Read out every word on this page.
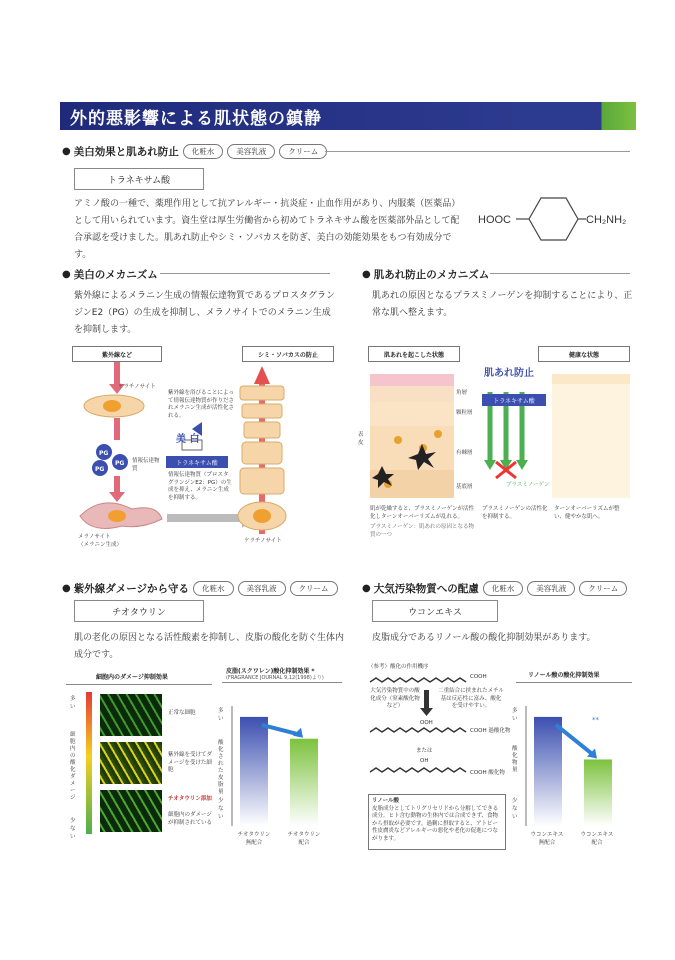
外的悪影響による肌状態の鎮静
● 美白効果と肌あれ防止	化粧水	美容乳液	クリーム
トラネキサム酸
アミノ酸の一種で、薬理作用として抗アレルギー・抗炎症・止血作用があり、内服薬（医薬品）として用いられています。資生堂は厚生労働省から初めてトラネキサム酸を医薬部外品として配合承認を受けました。肌あれ防止やシミ・ソバカスを防ぎ、美白の効能効果をもつ有効成分です。
HOOC	CH₂NH₂
● 美白のメカニズム
紫外線によるメラニン生成の情報伝達物質であるプロスタグランジンE2（PG）の生成を抑制し、メラノサイトでのメラニン生成を抑制します。
● 肌あれ防止のメカニズム
肌あれの原因となるプラスミノーゲンを抑制することにより、正常な肌へ整えます。
紫外線など	シミ・ソバカスの防止
PG
PG
PG
ケラチノサイト
紫外線を浴びることによって情報伝達物質が作りだされメラニン生成が活性化される。
美 白
トラネキサム酸
情報伝達物質
情報伝達物質（プロスタグランジンE2：PG）の生成を抑え、メラニン生成を抑制する。
メラノサイト
（メラニン生成）
ケラチノサイト
肌あれを起こした状態	健康な状態
肌あれ防止
トラネキサム酸
プラスミノーゲン
角層
顆粒層
有棘層
基底層
表皮
肌が乾燥すると、プラスミノーゲンが活性化しターンオーバーリズムが乱れる。
プラスミノーゲン：肌あれの原因となる物質の一つ
プラスミノーゲンの活性化を抑制する。
ターンオーバーリズムが整い、健やかな肌へ。
● 紫外線ダメージから守る	化粧水	美容乳液	クリーム
チオタウリン
肌の老化の原因となる活性酸素を抑制し、皮脂の酸化を防ぐ生体内成分です。
細胞内のダメージ抑制効果
多い
細胞内の酸化ダメージ
少ない
正常な細胞
紫外線を受けてダメージを受けた細胞
チオタウリン添加
細胞内のダメージが抑制されている
皮脂(スクワレン)酸化抑制効果 *
(FRAGRANCE JOURNAL 9,12(1998)より)
多い
酸化された皮脂量
少ない
チオタウリン
無配合
チオタウリン
配合
● 大気汚染物質への配慮	化粧水	美容乳液	クリーム
ウコンエキス
皮脂成分であるリノール酸の酸化抑制効果があります。
（参考）酸化の作用機序
COOH
大気汚染物質中の酸化成分（窒素酸化物など）
二重結合に挟まれたメチル基は反応性に富み、酸化を受けやすい。
OOH
COOH 過酸化物
または
OH
COOH 酸化物
リノール酸
皮脂成分としてトリグリセリドから分解してできる成分。ヒト含む動物の生体内では合成できず、食物から摂取が必要です。過剰に摂取すると、アトピー性皮膚炎などアレルギーの悪化や老化の促進につながります。
リノール酸の酸化抑制効果
多い
酸化物量
少ない
**
ウコンエキス
無配合
ウコンエキス
配合
